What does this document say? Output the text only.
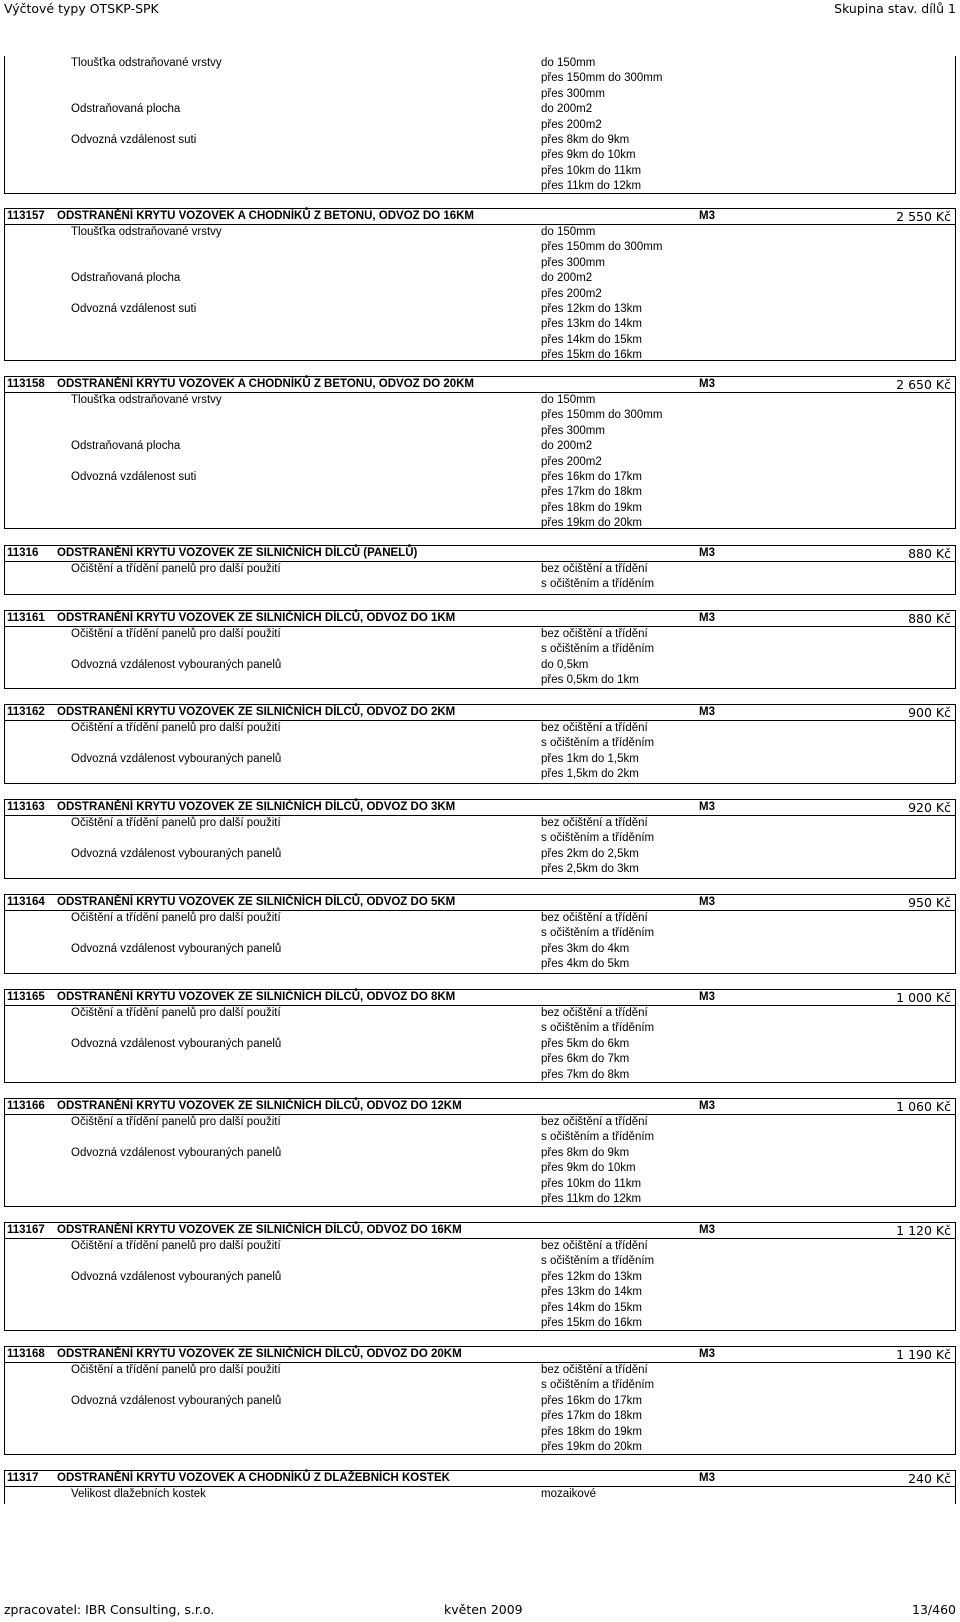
Výčtové typy OTSKP-SPK	Skupina stav. dílů 1
Tloušťka odstraňované vrstvy	do 150mm
přes 150mm do 300mm
přes 300mm
Odstraňovaná plocha	do 200m2
přes 200m2
Odvozná vzdálenost suti	přes 8km do 9km
přes 9km do 10km
přes 10km do 11km
přes 11km do 12km
113157 ODSTRANĚNÍ KRYTU VOZOVEK A CHODNÍKŮ Z BETONU, ODVOZ DO 16KM	M3	2 550 Kč
Tloušťka odstraňované vrstvy	do 150mm
přes 150mm do 300mm
přes 300mm
Odstraňovaná plocha	do 200m2
přes 200m2
Odvozná vzdálenost suti	přes 12km do 13km
přes 13km do 14km
přes 14km do 15km
přes 15km do 16km
113158 ODSTRANĚNÍ KRYTU VOZOVEK A CHODNÍKŮ Z BETONU, ODVOZ DO 20KM	M3	2 650 Kč
Tloušťka odstraňované vrstvy	do 150mm
přes 150mm do 300mm
přes 300mm
Odstraňovaná plocha	do 200m2
přes 200m2
Odvozná vzdálenost suti	přes 16km do 17km
přes 17km do 18km
přes 18km do 19km
přes 19km do 20km
11316 ODSTRANĚNÍ KRYTU VOZOVEK ZE SILNIČNÍCH DÍLCŮ (PANELŮ)	M3	880 Kč
Očištění a třídění panelů pro další použití	bez očištění a třídění
s očištěním a tříděním
113161 ODSTRANĚNÍ KRYTU VOZOVEK ZE SILNIČNÍCH DÍLCŮ, ODVOZ DO 1KM	M3	880 Kč
Očištění a třídění panelů pro další použití	bez očištění a třídění
s očištěním a tříděním
Odvozná vzdálenost vybouraných panelů	do 0,5km
přes 0,5km do 1km
113162 ODSTRANĚNÍ KRYTU VOZOVEK ZE SILNIČNÍCH DÍLCŮ, ODVOZ DO 2KM	M3	900 Kč
Očištění a třídění panelů pro další použití	bez očištění a třídění
s očištěním a tříděním
Odvozná vzdálenost vybouraných panelů	přes 1km do 1,5km
přes 1,5km do 2km
113163 ODSTRANĚNÍ KRYTU VOZOVEK ZE SILNIČNÍCH DÍLCŮ, ODVOZ DO 3KM	M3	920 Kč
Očištění a třídění panelů pro další použití	bez očištění a třídění
s očištěním a tříděním
Odvozná vzdálenost vybouraných panelů	přes 2km do 2,5km
přes 2,5km do 3km
113164 ODSTRANĚNÍ KRYTU VOZOVEK ZE SILNIČNÍCH DÍLCŮ, ODVOZ DO 5KM	M3	950 Kč
Očištění a třídění panelů pro další použití	bez očištění a třídění
s očištěním a tříděním
Odvozná vzdálenost vybouraných panelů	přes 3km do 4km
přes 4km do 5km
113165 ODSTRANĚNÍ KRYTU VOZOVEK ZE SILNIČNÍCH DÍLCŮ, ODVOZ DO 8KM	M3	1 000 Kč
Očištění a třídění panelů pro další použití	bez očištění a třídění
s očištěním a tříděním
Odvozná vzdálenost vybouraných panelů	přes 5km do 6km
přes 6km do 7km
přes 7km do 8km
113166 ODSTRANĚNÍ KRYTU VOZOVEK ZE SILNIČNÍCH DÍLCŮ, ODVOZ DO 12KM	M3	1 060 Kč
Očištění a třídění panelů pro další použití	bez očištění a třídění
s očištěním a tříděním
Odvozná vzdálenost vybouraných panelů	přes 8km do 9km
přes 9km do 10km
přes 10km do 11km
přes 11km do 12km
113167 ODSTRANĚNÍ KRYTU VOZOVEK ZE SILNIČNÍCH DÍLCŮ, ODVOZ DO 16KM	M3	1 120 Kč
Očištění a třídění panelů pro další použití	bez očištění a třídění
s očištěním a tříděním
Odvozná vzdálenost vybouraných panelů	přes 12km do 13km
přes 13km do 14km
přes 14km do 15km
přes 15km do 16km
113168 ODSTRANĚNÍ KRYTU VOZOVEK ZE SILNIČNÍCH DÍLCŮ, ODVOZ DO 20KM	M3	1 190 Kč
Očištění a třídění panelů pro další použití	bez očištění a třídění
s očištěním a tříděním
Odvozná vzdálenost vybouraných panelů	přes 16km do 17km
přes 17km do 18km
přes 18km do 19km
přes 19km do 20km
11317 ODSTRANĚNÍ KRYTU VOZOVEK A CHODNÍKŮ Z DLAŽEBNÍCH KOSTEK	M3	240 Kč
Velikost dlažebních kostek	mozaikové
zpracovatel: IBR Consulting, s.r.o.	květen 2009	13/460
